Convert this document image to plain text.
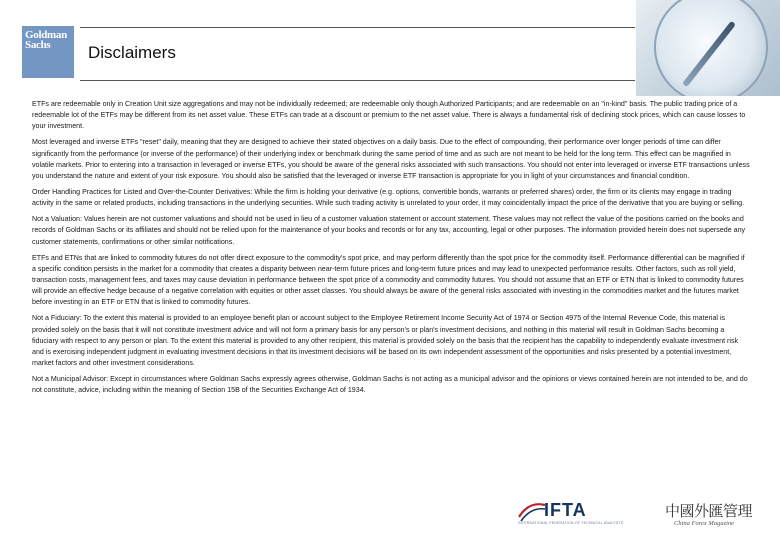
Goldman
Sachs	Disclaimers

ETFs are redeemable only in Creation Unit size aggregations and may not be individually redeemed; are redeemable only though Authorized Participants; and are redeemable on an "in-kind" basis. The public trading price of a redeemable lot of the ETFs may be different from its net asset value. These ETFs can trade at a discount or premium to the net asset value. There is always a fundamental risk of declining stock prices, which can cause losses to your investment.

Most leveraged and inverse ETFs "reset" daily, meaning that they are designed to achieve their stated objectives on a daily basis. Due to the effect of compounding, their performance over longer periods of time can differ significantly from the performance (or inverse of the performance) of their underlying index or benchmark during the same period of time and as such are not meant to be held for the long term. This effect can be magnified in volatile markets. Prior to entering into a transaction in leveraged or inverse ETFs, you should be aware of the general risks associated with such transactions. You should not enter into leveraged or inverse ETF transactions unless you understand the nature and extent of your risk exposure. You should also be satisfied that the leveraged or inverse ETF transaction is appropriate for you in light of your circumstances and financial condition.

Order Handling Practices for Listed and Over-the-Counter Derivatives: While the firm is holding your derivative (e.g. options, convertible bonds, warrants or preferred shares) order, the firm or its clients may engage in trading activity in the same or related products, including transactions in the underlying securities. While such trading activity is unrelated to your order, it may coincidentally impact the price of the derivative that you are buying or selling.

Not a Valuation: Values herein are not customer valuations and should not be used in lieu of a customer valuation statement or account statement. These values may not reflect the value of the positions carried on the books and records of Goldman Sachs or its affiliates and should not be relied upon for the maintenance of your books and records or for any tax, accounting, legal or other purposes. The information provided herein does not supersede any customer statements, confirmations or other similar notifications.

ETFs and ETNs that are linked to commodity futures do not offer direct exposure to the commodity's spot price, and may perform differently than the spot price for the commodity itself. Performance differential can be magnified if a specific condition persists in the market for a commodity that creates a disparity between near-term future prices and long-term future prices and may lead to unexpected performance results. Other factors, such as roll yield, transaction costs, management fees, and taxes may cause deviation in performance between the spot price of a commodity and commodity futures. You should not assume that an ETF or ETN that is linked to commodity futures will provide an effective hedge because of a negative correlation with equities or other asset classes. You should always be aware of the general risks associated with investing in the commodities market and the futures market before investing in an ETF or ETN that is linked to commodity futures.

Not a Fiduciary: To the extent this material is provided to an employee benefit plan or account subject to the Employee Retirement Income Security Act of 1974 or Section 4975 of the Internal Revenue Code, this material is provided solely on the basis that it will not constitute investment advice and will not form a primary basis for any person's or plan's investment decisions, and nothing in this material will result in Goldman Sachs becoming a fiduciary with respect to any person or plan. To the extent this material is provided to any other recipient, this material is provided solely on the basis that the recipient has the capability to independently evaluate investment risk and is exercising independent judgment in evaluating investment decisions in that its investment decisions will be based on its own independent assessment of the opportunities and risks presented by a potential investment, market factors and other investment considerations.

Not a Municipal Advisor: Except in circumstances where Goldman Sachs expressly agrees otherwise, Goldman Sachs is not acting as a municipal advisor and the opinions or views contained herein are not intended to be, and do not constitute, advice, including within the meaning of Section 15B of the Securities Exchange Act of 1934.

IFTA
INTERNATIONAL FEDERATION OF TECHNICAL ANALYSTS
中國外匯管理
China Forex Magazine
